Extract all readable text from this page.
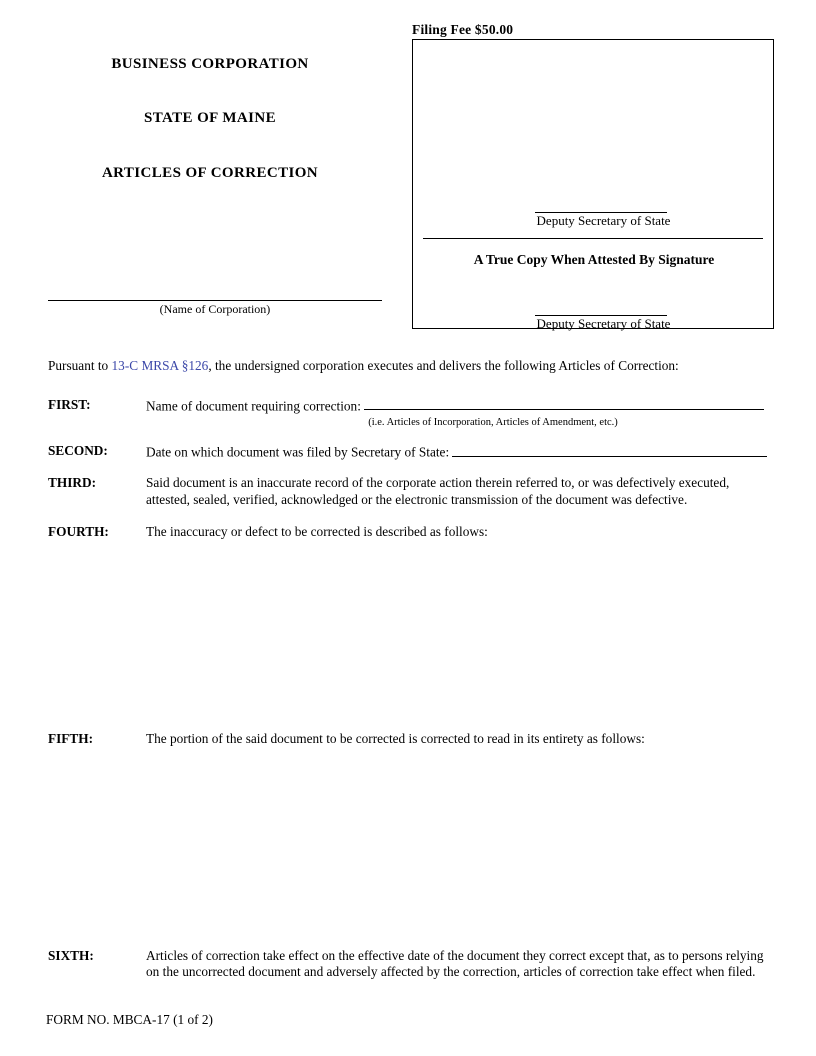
Filing Fee $50.00
Deputy Secretary of State
A True Copy When Attested By Signature
Deputy Secretary of State
BUSINESS CORPORATION
STATE OF MAINE
ARTICLES OF CORRECTION
(Name of Corporation)

Pursuant to 13-C MRSA §126, the undersigned corporation executes and delivers the following Articles of Correction:

FIRST:	Name of document requiring correction:
(i.e. Articles of Incorporation, Articles of Amendment, etc.)
SECOND:	Date on which document was filed by Secretary of State:
THIRD:	Said document is an inaccurate record of the corporate action therein referred to, or was defectively executed, attested, sealed, verified, acknowledged or the electronic transmission of the document was defective.
FOURTH:	The inaccuracy or defect to be corrected is described as follows:
FIFTH:	The portion of the said document to be corrected is corrected to read in its entirety as follows:
SIXTH:	Articles of correction take effect on the effective date of the document they correct except that, as to persons relying on the uncorrected document and adversely affected by the correction, articles of correction take effect when filed.
FORM NO. MBCA-17 (1 of 2)
